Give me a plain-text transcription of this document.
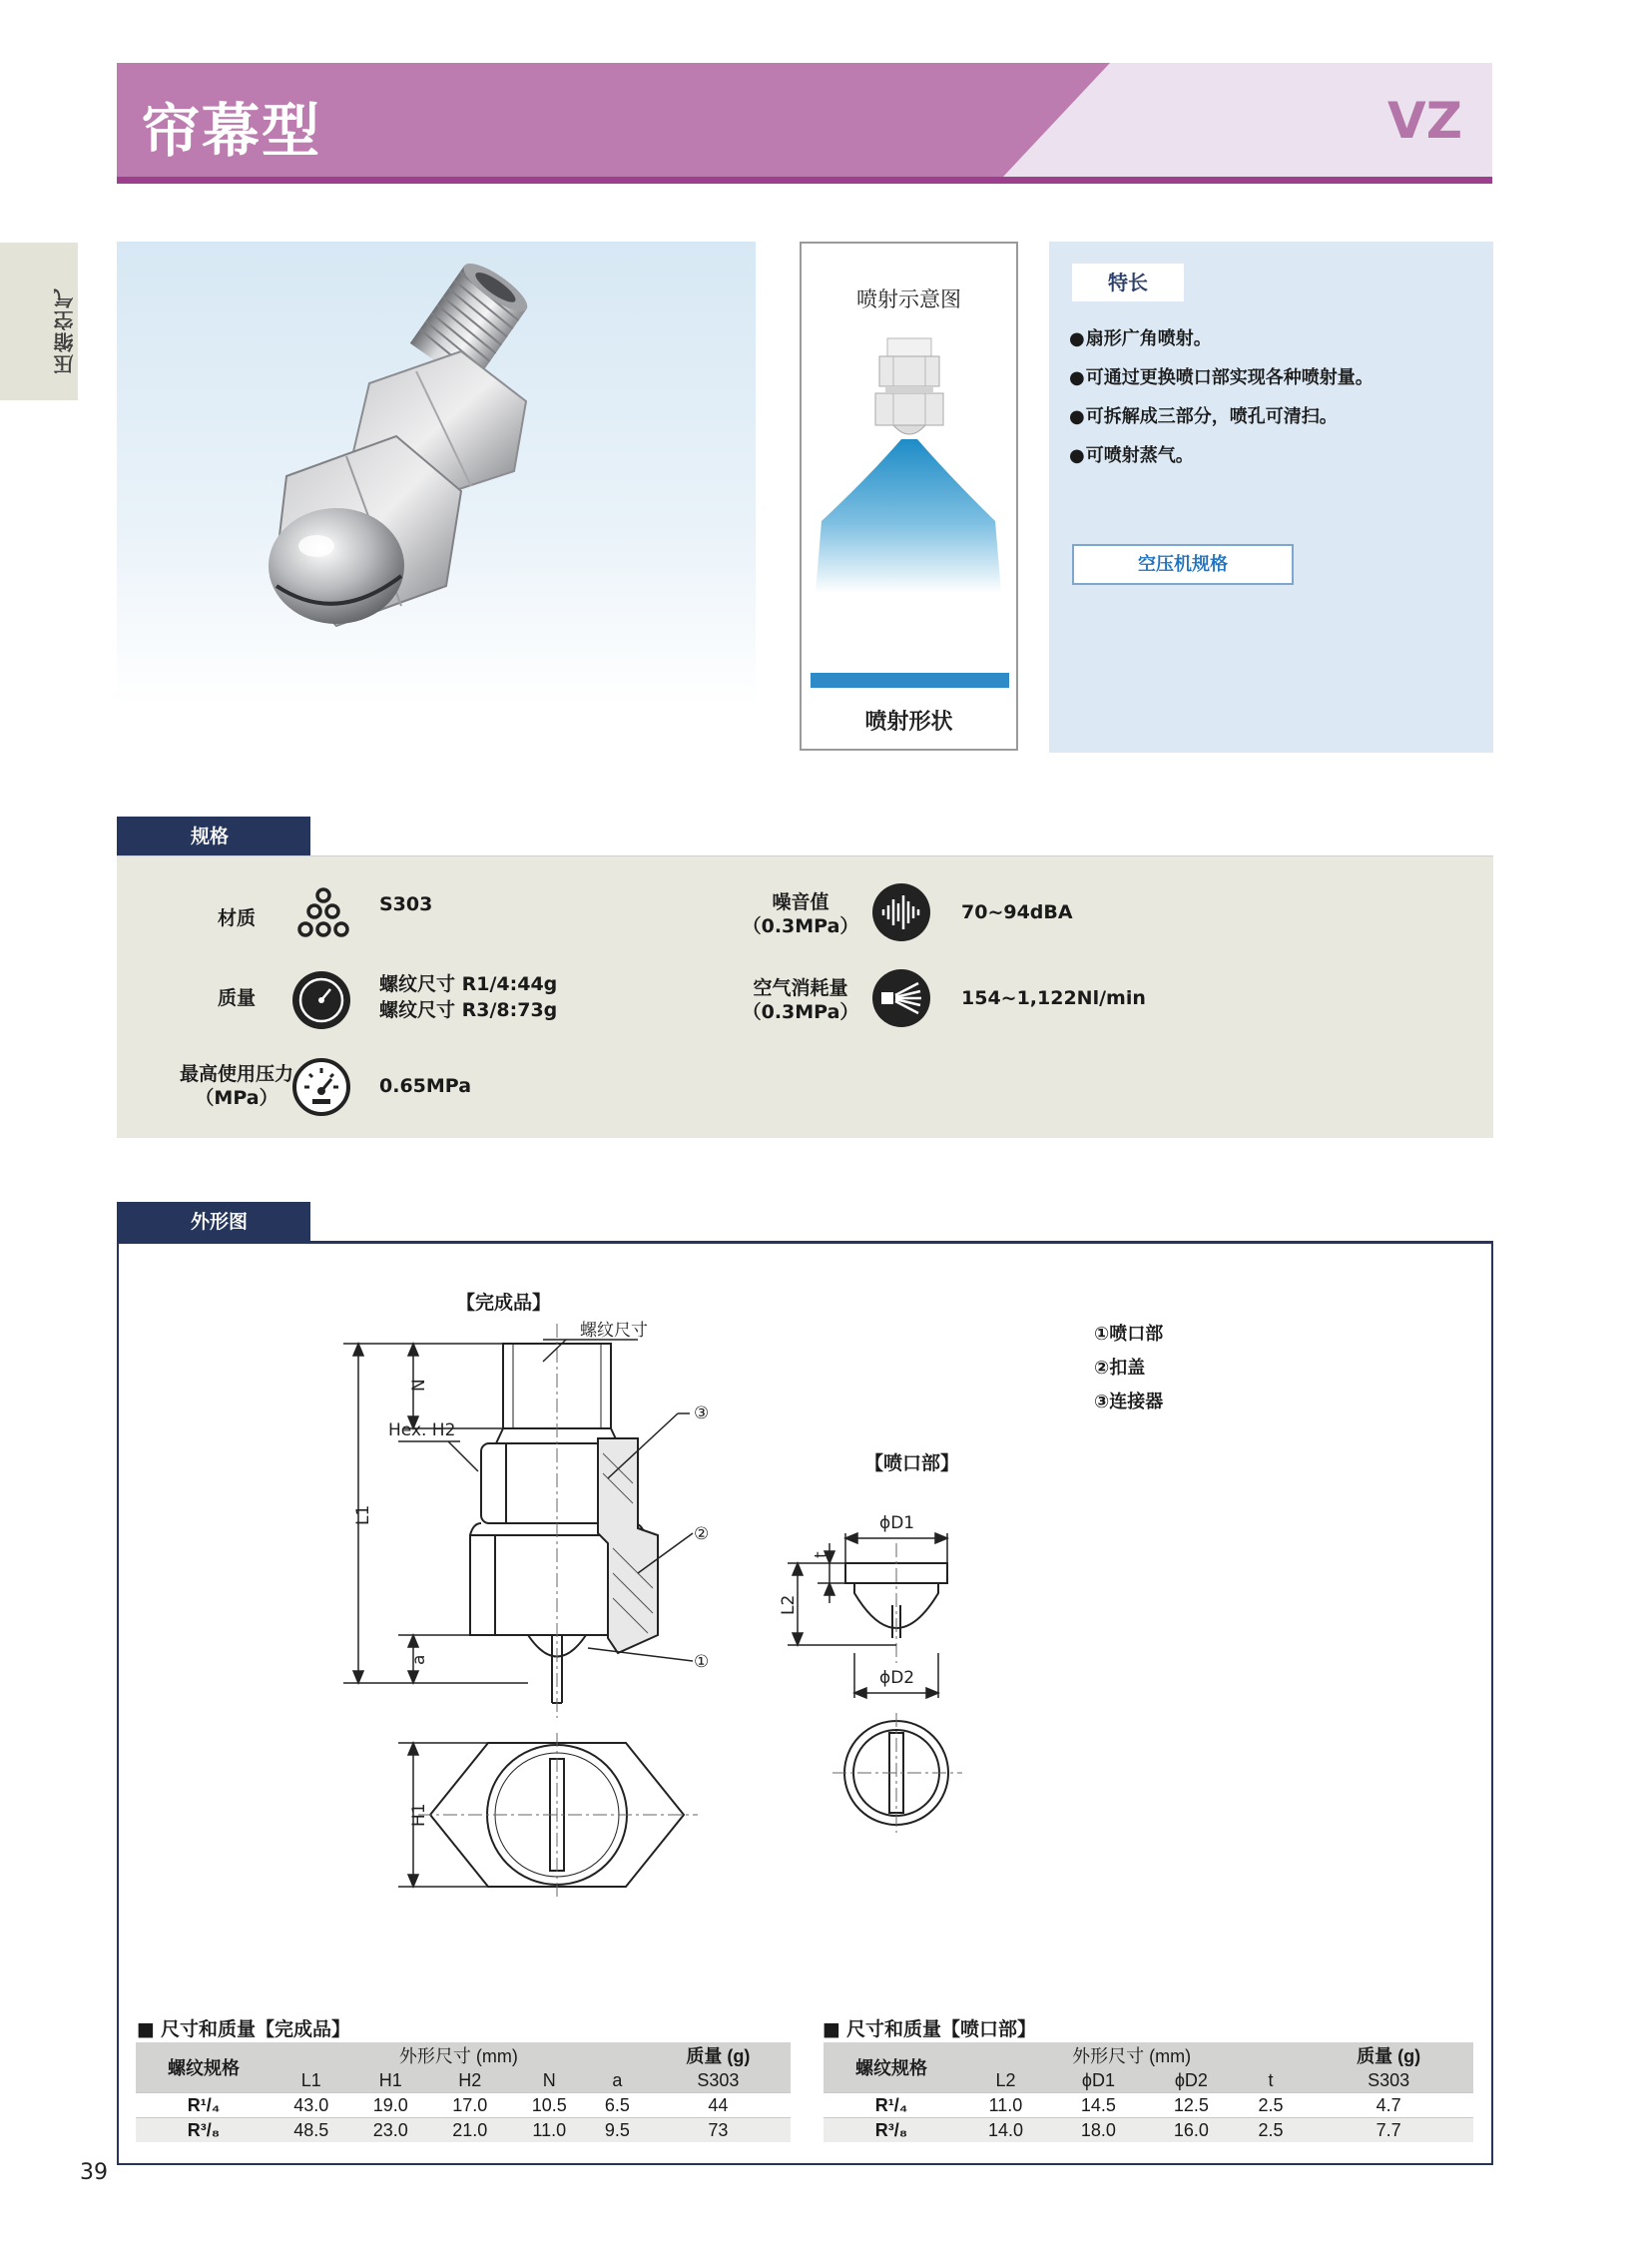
帘幕型	VZ
压缩空气	喷射示意图
喷射形状
特长
● 扇形广角喷射。
● 可通过更换喷口部实现各种喷射量。
● 可拆解成三部分，喷孔可清扫。
● 可喷射蒸气。
空压机规格
规格
材质
S303
质量
螺纹尺寸 R1/4:44g
螺纹尺寸 R3/8:73g
最高使用压力
（MPa）
0.65MPa
噪音值
（0.3MPa）
70~94dBA
空气消耗量
（0.3MPa）
154~1,122Nl/min
外形图
【完成品】
【喷口部】
螺纹尺寸
Hex. H2
L1
N
a
③
②
①
H1
ϕD1
t
L2
ϕD2
①喷口部
②扣盖
③连接器
■ 尺寸和质量【完成品】
螺纹规格	外形尺寸 (mm)					质量 (g)
	L1	H1	H2	N	a	S303
R¹/₄	43.0	19.0	17.0	10.5	6.5	44
R³/₈	48.5	23.0	21.0	11.0	9.5	73
■ 尺寸和质量【喷口部】
螺纹规格	外形尺寸 (mm)				质量 (g)
	L2	ϕD1	ϕD2	t	S303
R¹/₄	11.0	14.5	12.5	2.5	4.7
R³/₈	14.0	18.0	16.0	2.5	7.7
39
